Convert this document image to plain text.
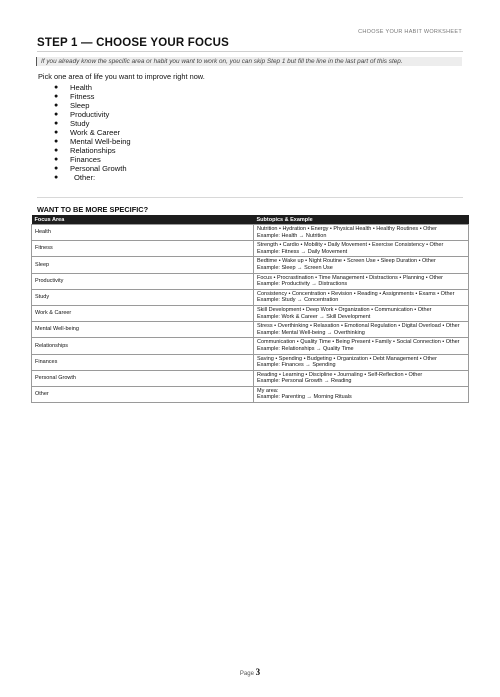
CHOOSE YOUR HABIT WORKSHEET
STEP 1 — CHOOSE YOUR FOCUS
If you already know the specific area or habit you want to work on, you can skip Step 1 but fill the line in the last part of this step.
Pick one area of life you want to improve right now.
● Health
● Fitness
● Sleep
● Productivity
● Study
● Work & Career
● Mental Well-being
● Relationships
● Finances
● Personal Growth
● Other:
WANT TO BE MORE SPECIFIC?
Focus Area	Subtopics & Example
Health	Nutrition • Hydration • Energy • Physical Health • Healthy Routines • Other
Example: Health → Nutrition

Fitness	Strength • Cardio • Mobility • Daily Movement • Exercise Consistency • Other
Example: Fitness → Daily Movement

Sleep	Bedtime • Wake up • Night Routine • Screen Use • Sleep Duration • Other
Example: Sleep → Screen Use

Productivity	Focus • Procrastination • Time Management • Distractions • Planning • Other
Example: Productivity → Distractions

Study	Consistency • Concentration • Revision • Reading • Assignments • Exams • Other
Example: Study → Concentration

Work & Career	Skill Development • Deep Work • Organization • Communication • Other
Example: Work & Career → Skill Development

Mental Well-being	Stress • Overthinking • Relaxation • Emotional Regulation • Digital Overload • Other
Example: Mental Well-being → Overthinking

Relationships	Communication • Quality Time • Being Present • Family • Social Connection • Other
Example: Relationships → Quality Time

Finances	Saving • Spending • Budgeting • Organization • Debt Management • Other
Example: Finances → Spending

Personal Growth	Reading • Learning • Discipline • Journaling • Self-Reflection • Other
Example: Personal Growth → Reading

Other	My area:
Example: Parenting → Morning Rituals
Page 3
